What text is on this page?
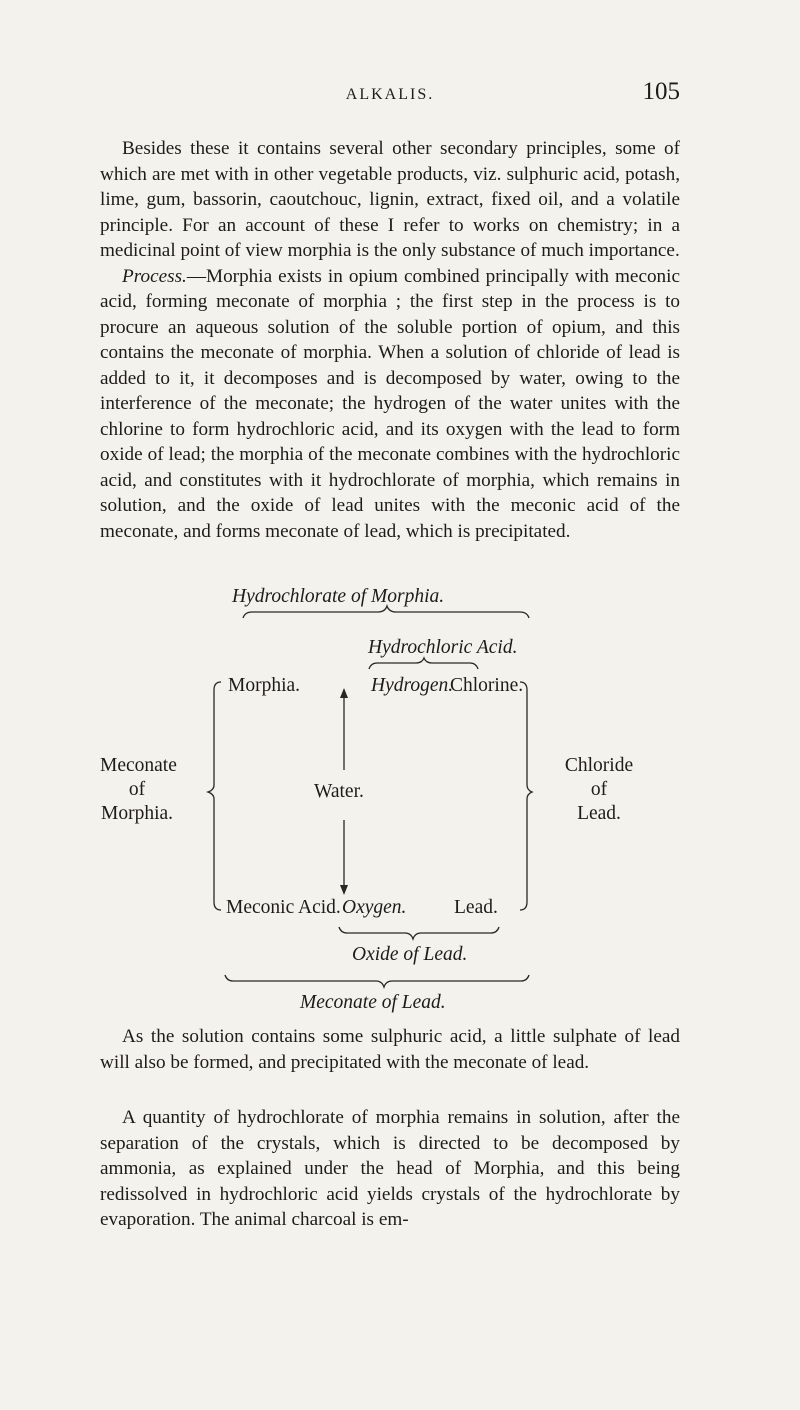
ALKALIS.	105

Besides these it contains several other secondary principles, some of which are met with in other vegetable products, viz. sulphuric acid, potash, lime, gum, bassorin, caoutchouc, lignin, extract, fixed oil, and a volatile principle. For an account of these I refer to works on chemistry; in a medicinal point of view morphia is the only substance of much importance.

Process.—Morphia exists in opium combined principally with meconic acid, forming meconate of morphia ; the first step in the process is to procure an aqueous solution of the soluble portion of opium, and this contains the meconate of morphia. When a solution of chloride of lead is added to it, it decomposes and is decomposed by water, owing to the interference of the meconate; the hydrogen of the water unites with the chlorine to form hydrochloric acid, and its oxygen with the lead to form oxide of lead; the morphia of the meconate combines with the hydrochloric acid, and constitutes with it hydrochlorate of morphia, which remains in solution, and the oxide of lead unites with the meconic acid of the meconate, and forms meconate of lead, which is precipitated.

Hydrochlorate of Morphia.
Hydrochloric Acid.
Morphia.	Hydrogen.
Chlorine.
Water.
Meconate
of
Morphia.
Chloride
of
Lead.
Meconic Acid. Oxygen. Lead.
Oxide of Lead.
Meconate of Lead.

As the solution contains some sulphuric acid, a little sulphate of lead will also be formed, and precipitated with the meconate of lead.

A quantity of hydrochlorate of morphia remains in solution, after the separation of the crystals, which is directed to be decomposed by ammonia, as explained under the head of Morphia, and this being redissolved in hydrochloric acid yields crystals of the hydrochlorate by evaporation. The animal charcoal is em-
